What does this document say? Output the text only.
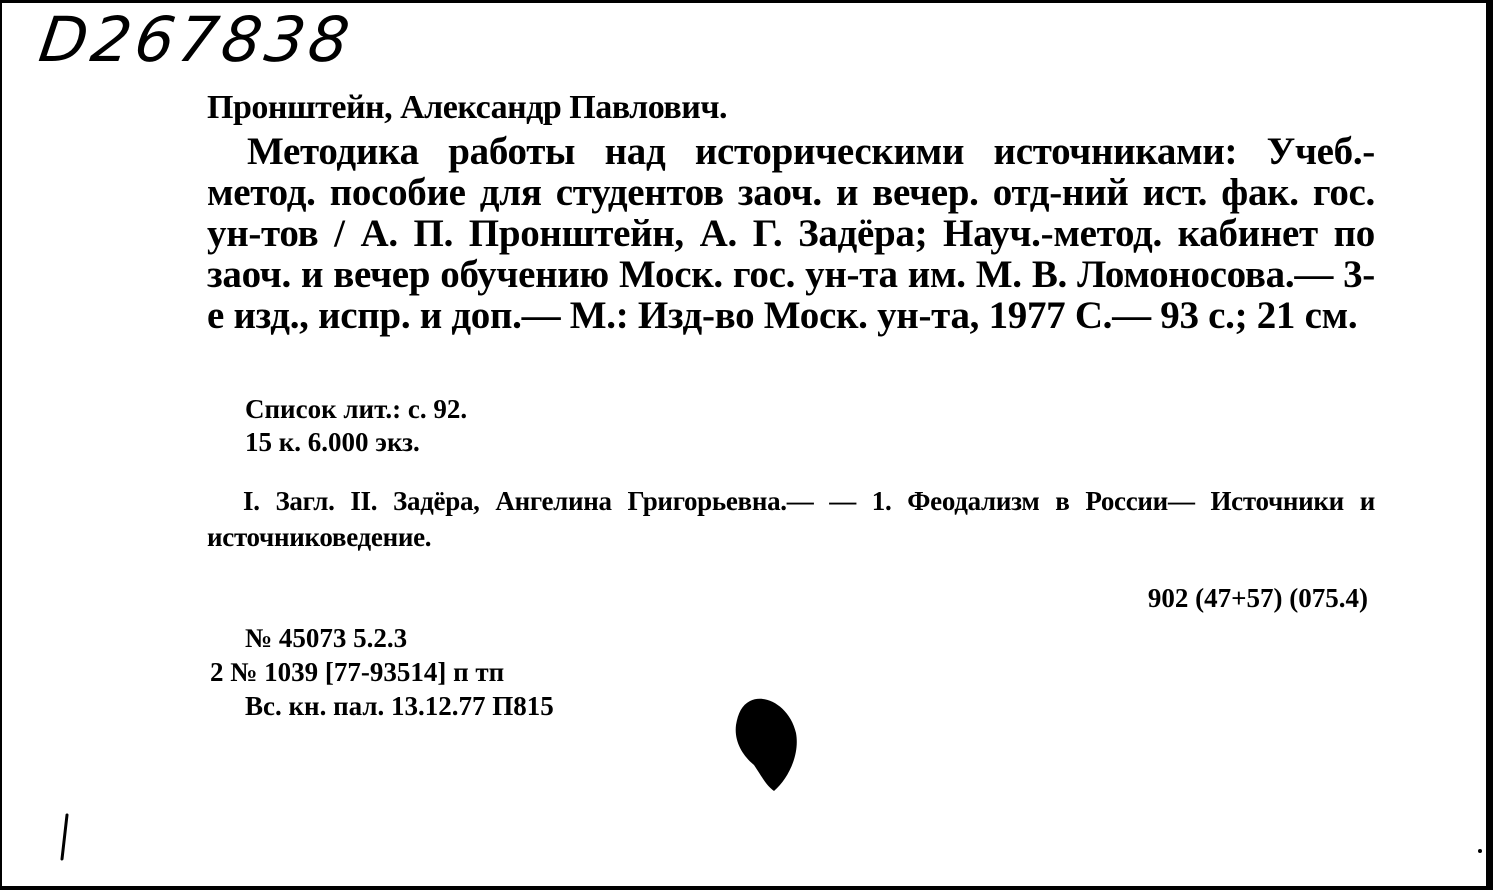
D267838
Пронштейн, Александр Павлович.
Методика работы над историческими источниками: Учеб.-метод. пособие для студентов заоч. и вечер. отд-ний ист. фак. гос. ун-тов / А. П. Пронштейн, А. Г. Задёра; Науч.-метод. кабинет по заоч. и вечер обучению Моск. гос. ун-та им. М. В. Ломоносова.— 3-е изд., испр. и доп.— М.: Изд-во Моск. ун-та, 1977 С.— 93 с.; 21 см.
Список лит.: с. 92.
15 к. 6.000 экз.
I. Загл. II. Задёра, Ангелина Григорьевна.— — 1. Феодализм в России— Источники и источниковедение.
902 (47+57) (075.4)
№ 45073 5.2.3
2 № 1039 [77-93514] п тп
Вс. кн. пал. 13.12.77 П815
